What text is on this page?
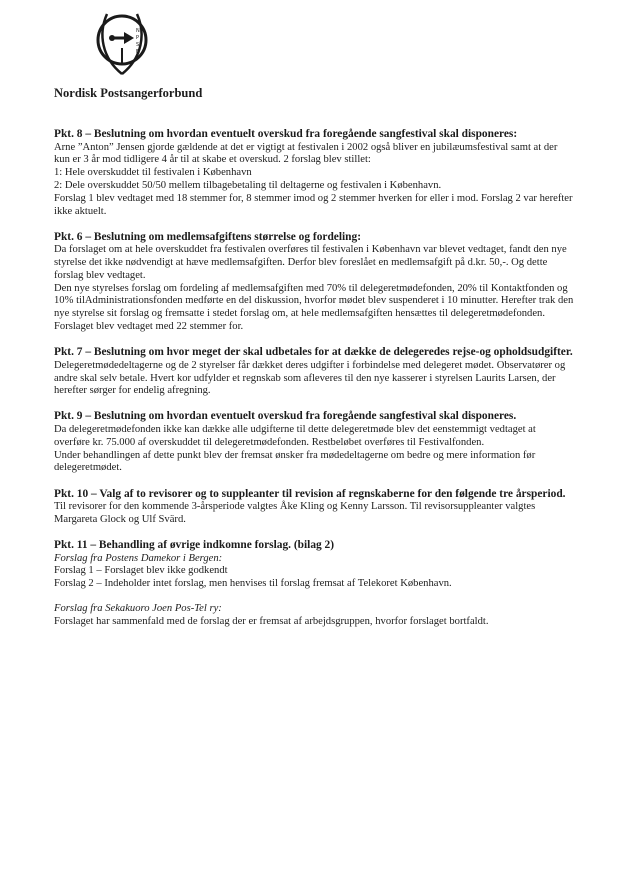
N
P
S
F

Nordisk Postsangerforbund

Pkt. 8 – Beslutning om hvordan eventuelt overskud fra foregående sangfestival skal disponeres:

Arne ”Anton” Jensen gjorde gældende at det er vigtigt at festivalen i 2002 også bliver en jubilæumsfestival samt at der kun er 3 år mod tidligere 4 år til at skabe et overskud. 2 forslag blev stillet:

1: Hele overskuddet til festivalen i København

2: Dele overskuddet 50/50 mellem tilbagebetaling til deltagerne og festivalen i København.

Forslag 1 blev vedtaget med 18 stemmer for, 8 stemmer imod og 2 stemmer hverken for eller i mod. Forslag 2 var herefter ikke aktuelt.

Pkt. 6 – Beslutning om medlemsafgiftens størrelse og fordeling:

Da forslaget om at hele overskuddet fra festivalen overføres til festivalen i København var blevet vedtaget, fandt den nye styrelse det ikke nødvendigt at hæve medlemsafgiften. Derfor blev foreslået en medlemsafgift på d.kr. 50,-. Og dette forslag blev vedtaget.

Den nye styrelses forslag om fordeling af medlemsafgiften med 70% til delegeretmødefonden, 20% til Kontaktfonden og 10% tilAdministrationsfonden medførte en del diskussion, hvorfor mødet blev suspenderet i 10 minutter. Herefter trak den nye styrelse sit forslag og fremsatte i stedet forslag om, at hele medlemsafgiften hensættes til delegeretmødefonden.

Forslaget blev vedtaget med 22 stemmer for.

Pkt. 7 – Beslutning om hvor meget der skal udbetales for at dække de delegeredes rejse-og opholdsudgifter.

Delegeretmødedeltagerne og de 2 styrelser får dækket deres udgifter i forbindelse med delegeret mødet. Observatører og andre skal selv betale. Hvert kor udfylder et regnskab som afleveres til den nye kasserer i styrelsen Laurits Larsen, der herefter sørger for endelig afregning.

Pkt. 9 – Beslutning om hvordan eventuelt overskud fra foregående sangfestival skal disponeres.

Da delegeretmødefonden ikke kan dække alle udgifterne til dette delegeretmøde blev det eenstemmigt vedtaget at overføre kr. 75.000 af overskuddet til delegeretmødefonden. Restbeløbet overføres til Festivalfonden.

Under behandlingen af dette punkt blev der fremsat ønsker fra mødedeltagerne om bedre og mere information før delegeretmødet.

Pkt. 10 – Valg af to revisorer og to suppleanter til revision af regnskaberne for den følgende tre årsperiod.

Til revisorer for den kommende 3-årsperiode valgtes Åke Kling og Kenny Larsson. Til revisorsuppleanter valgtes Margareta Glock og Ulf Svärd.

Pkt. 11 – Behandling af øvrige indkomne forslag. (bilag 2)

Forslag fra Postens Damekor i Bergen:

Forslag 1 – Forslaget blev ikke godkendt

Forslag 2 – Indeholder intet forslag, men henvises til forslag fremsat af Telekoret København.

Forslag fra Sekakuoro Joen Pos-Tel ry:

Forslaget har sammenfald med de forslag der er fremsat af arbejdsgruppen, hvorfor forslaget bortfaldt.
